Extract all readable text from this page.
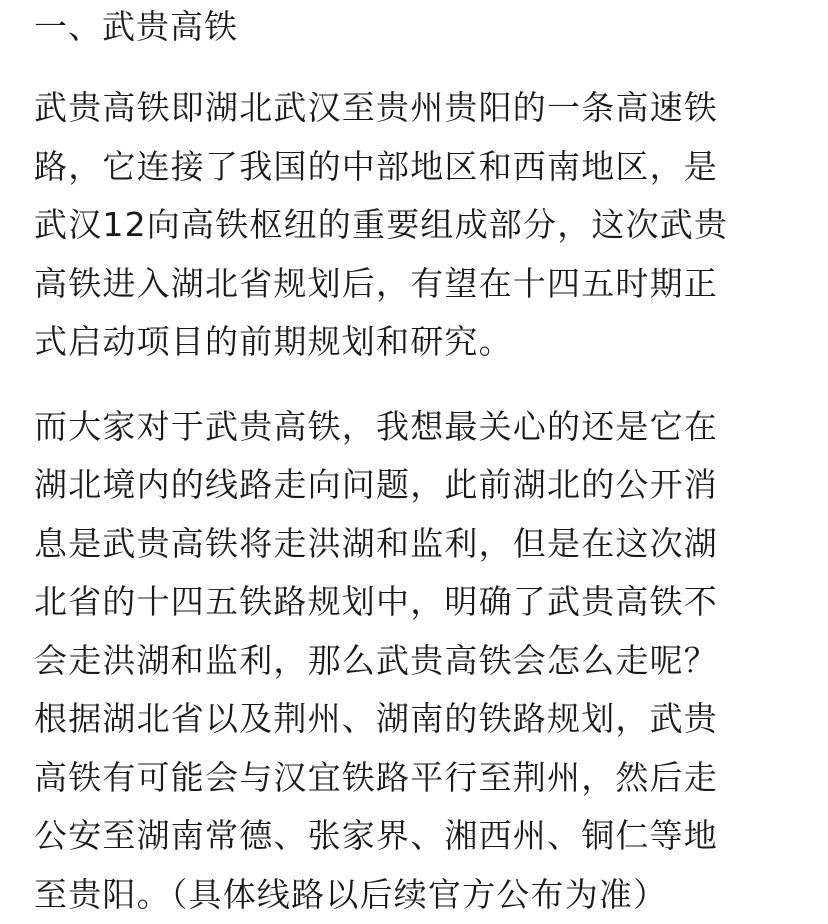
一、武贵高铁

武贵高铁即湖北武汉至贵州贵阳的一条高速铁
路，它连接了我国的中部地区和西南地区，是
武汉12向高铁枢纽的重要组成部分，这次武贵
高铁进入湖北省规划后，有望在十四五时期正
式启动项目的前期规划和研究。

而大家对于武贵高铁，我想最关心的还是它在
湖北境内的线路走向问题，此前湖北的公开消
息是武贵高铁将走洪湖和监利，但是在这次湖
北省的十四五铁路规划中，明确了武贵高铁不
会走洪湖和监利，那么武贵高铁会怎么走呢？
根据湖北省以及荆州、湖南的铁路规划，武贵
高铁有可能会与汉宜铁路平行至荆州，然后走
公安至湖南常德、张家界、湘西州、铜仁等地
至贵阳。（具体线路以后续官方公布为准）
